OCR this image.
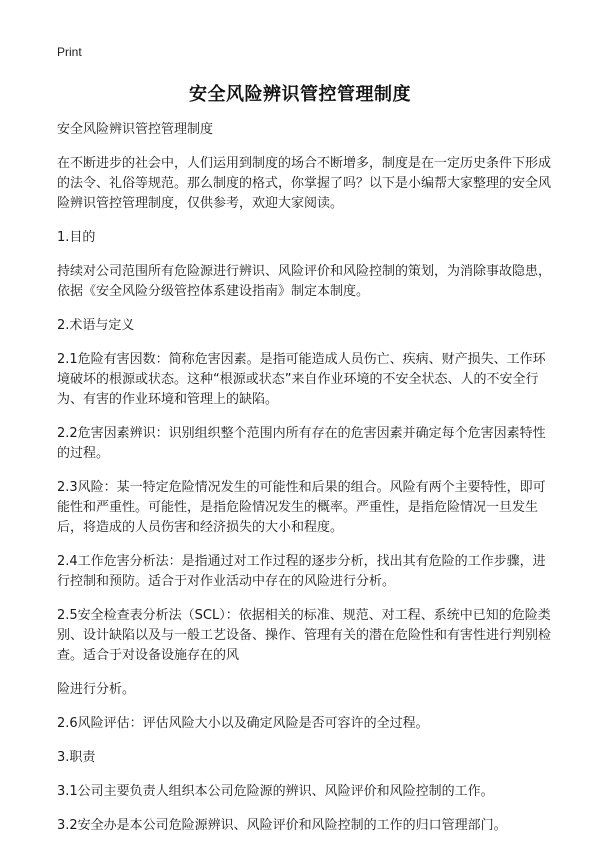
Print
安全风险辨识管控管理制度

安全风险辨识管控管理制度

在不断进步的社会中，人们运用到制度的场合不断增多，制度是在一定历史条件下形成的法令、礼俗等规范。那么制度的格式，你掌握了吗？以下是小编帮大家整理的安全风险辨识管控管理制度，仅供参考，欢迎大家阅读。

1.目的

持续对公司范围所有危险源进行辨识、风险评价和风险控制的策划，为消除事故隐患，依据《安全风险分级管控体系建设指南》制定本制度。

2.术语与定义

2.1危险有害因数：简称危害因素。是指可能造成人员伤亡、疾病、财产损失、工作环境破坏的根源或状态。这种“根源或状态”来自作业环境的不安全状态、人的不安全行为、有害的作业环境和管理上的缺陷。

2.2危害因素辨识：识别组织整个范围内所有存在的危害因素并确定每个危害因素特性的过程。

2.3风险：某一特定危险情况发生的可能性和后果的组合。风险有两个主要特性，即可能性和严重性。可能性，是指危险情况发生的概率。严重性，是指危险情况一旦发生后，将造成的人员伤害和经济损失的大小和程度。

2.4工作危害分析法：是指通过对工作过程的逐步分析，找出其有危险的工作步骤，进行控制和预防。适合于对作业活动中存在的风险进行分析。

2.5安全检查表分析法（SCL）：依据相关的标准、规范、对工程、系统中已知的危险类别、设计缺陷以及与一般工艺设备、操作、管理有关的潜在危险性和有害性进行判别检查。适合于对设备设施存在的风

险进行分析。

2.6风险评估：评估风险大小以及确定风险是否可容许的全过程。

3.职责

3.1公司主要负责人组织本公司危险源的辨识、风险评价和风险控制的工作。

3.2安全办是本公司危险源辨识、风险评价和风险控制的工作的归口管理部门。
